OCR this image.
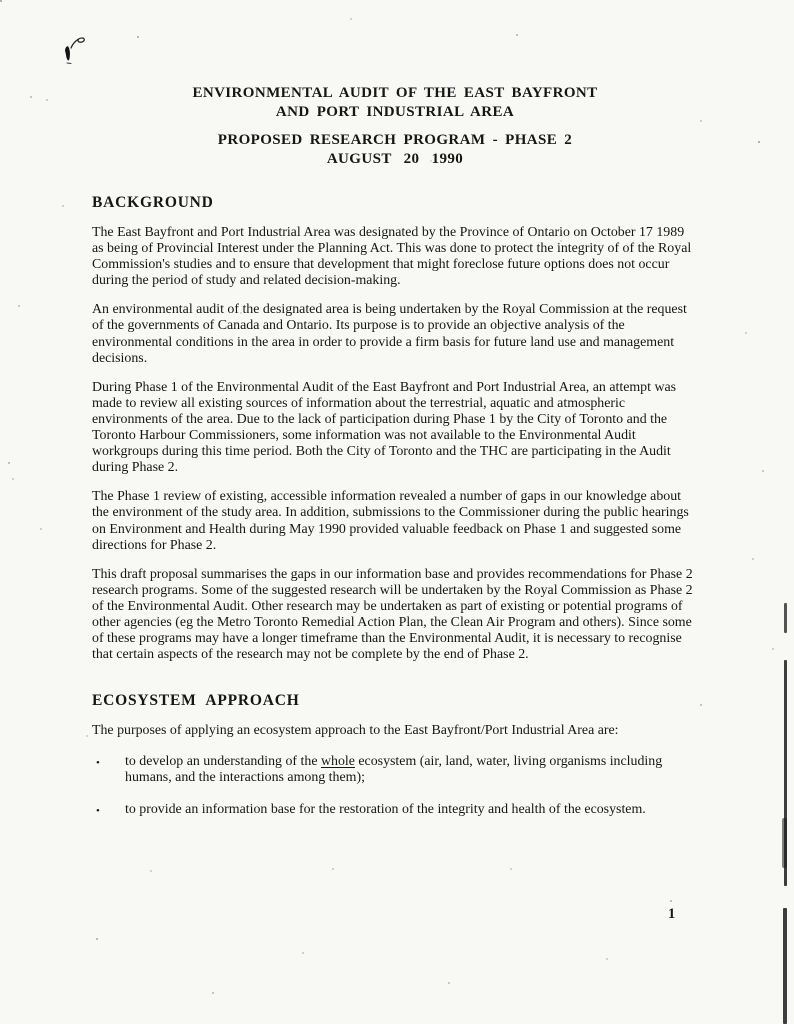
ENVIRONMENTAL AUDIT OF THE EAST BAYFRONT
AND PORT INDUSTRIAL AREA
PROPOSED RESEARCH PROGRAM - PHASE 2
AUGUST 20 1990
BACKGROUND

The East Bayfront and Port Industrial Area was designated by the Province of Ontario on October 17 1989 as being of Provincial Interest under the Planning Act. This was done to protect the integrity of of the Royal Commission's studies and to ensure that development that might foreclose future options does not occur during the period of study and related decision-making.

An environmental audit of the designated area is being undertaken by the Royal Commission at the request of the governments of Canada and Ontario. Its purpose is to provide an objective analysis of the environmental conditions in the area in order to provide a firm basis for future land use and management decisions.

During Phase 1 of the Environmental Audit of the East Bayfront and Port Industrial Area, an attempt was made to review all existing sources of information about the terrestrial, aquatic and atmospheric environments of the area. Due to the lack of participation during Phase 1 by the City of Toronto and the Toronto Harbour Commissioners, some information was not available to the Environmental Audit workgroups during this time period. Both the City of Toronto and the THC are participating in the Audit during Phase 2.

The Phase 1 review of existing, accessible information revealed a number of gaps in our knowledge about the environment of the study area. In addition, submissions to the Commissioner during the public hearings on Environment and Health during May 1990 provided valuable feedback on Phase 1 and suggested some directions for Phase 2.

This draft proposal summarises the gaps in our information base and provides recommendations for Phase 2 research programs. Some of the suggested research will be undertaken by the Royal Commission as Phase 2 of the Environmental Audit. Other research may be undertaken as part of existing or potential programs of other agencies (eg the Metro Toronto Remedial Action Plan, the Clean Air Program and others). Since some of these programs may have a longer timeframe than the Environmental Audit, it is necessary to recognise that certain aspects of the research may not be complete by the end of Phase 2.

ECOSYSTEM APPROACH

The purposes of applying an ecosystem approach to the East Bayfront/Port Industrial Area are:

• to develop an understanding of the whole ecosystem (air, land, water, living organisms including humans, and the interactions among them);
• to provide an information base for the restoration of the integrity and health of the ecosystem.
1
